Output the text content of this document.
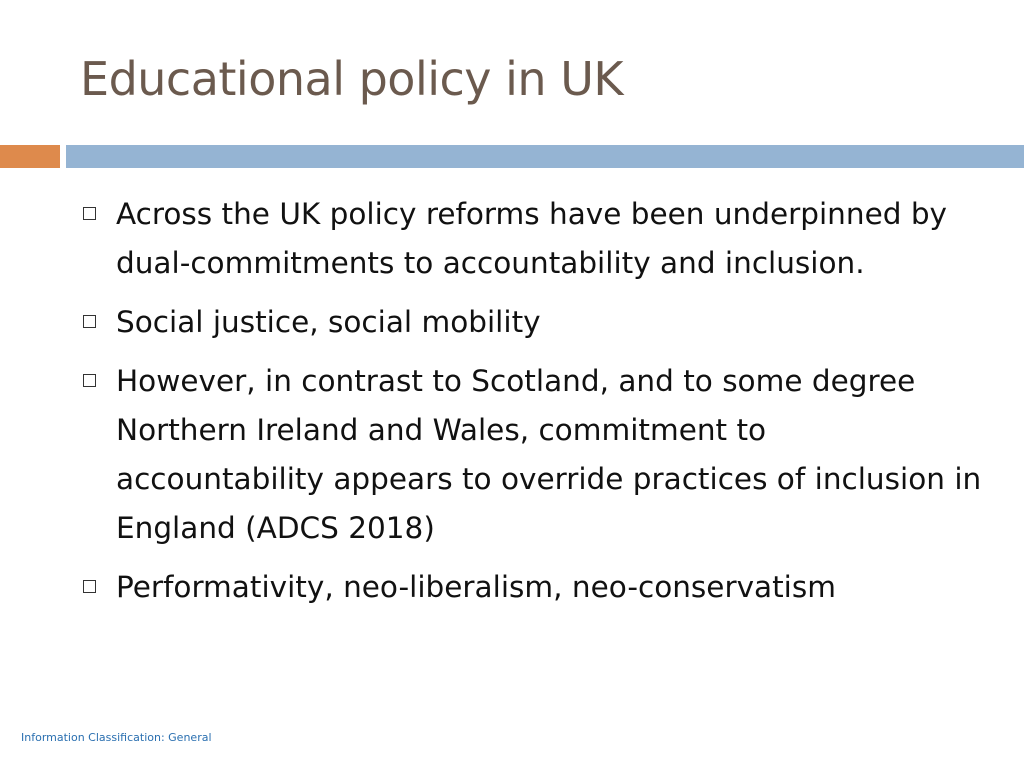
Educational policy in UK
Across the UK policy reforms have been underpinned by dual-commitments to accountability and inclusion.
Social justice, social mobility
However, in contrast to Scotland, and to some degree Northern Ireland and Wales, commitment to accountability appears to override practices of inclusion in England (ADCS 2018)
Performativity, neo-liberalism, neo-conservatism
Information Classification: General
